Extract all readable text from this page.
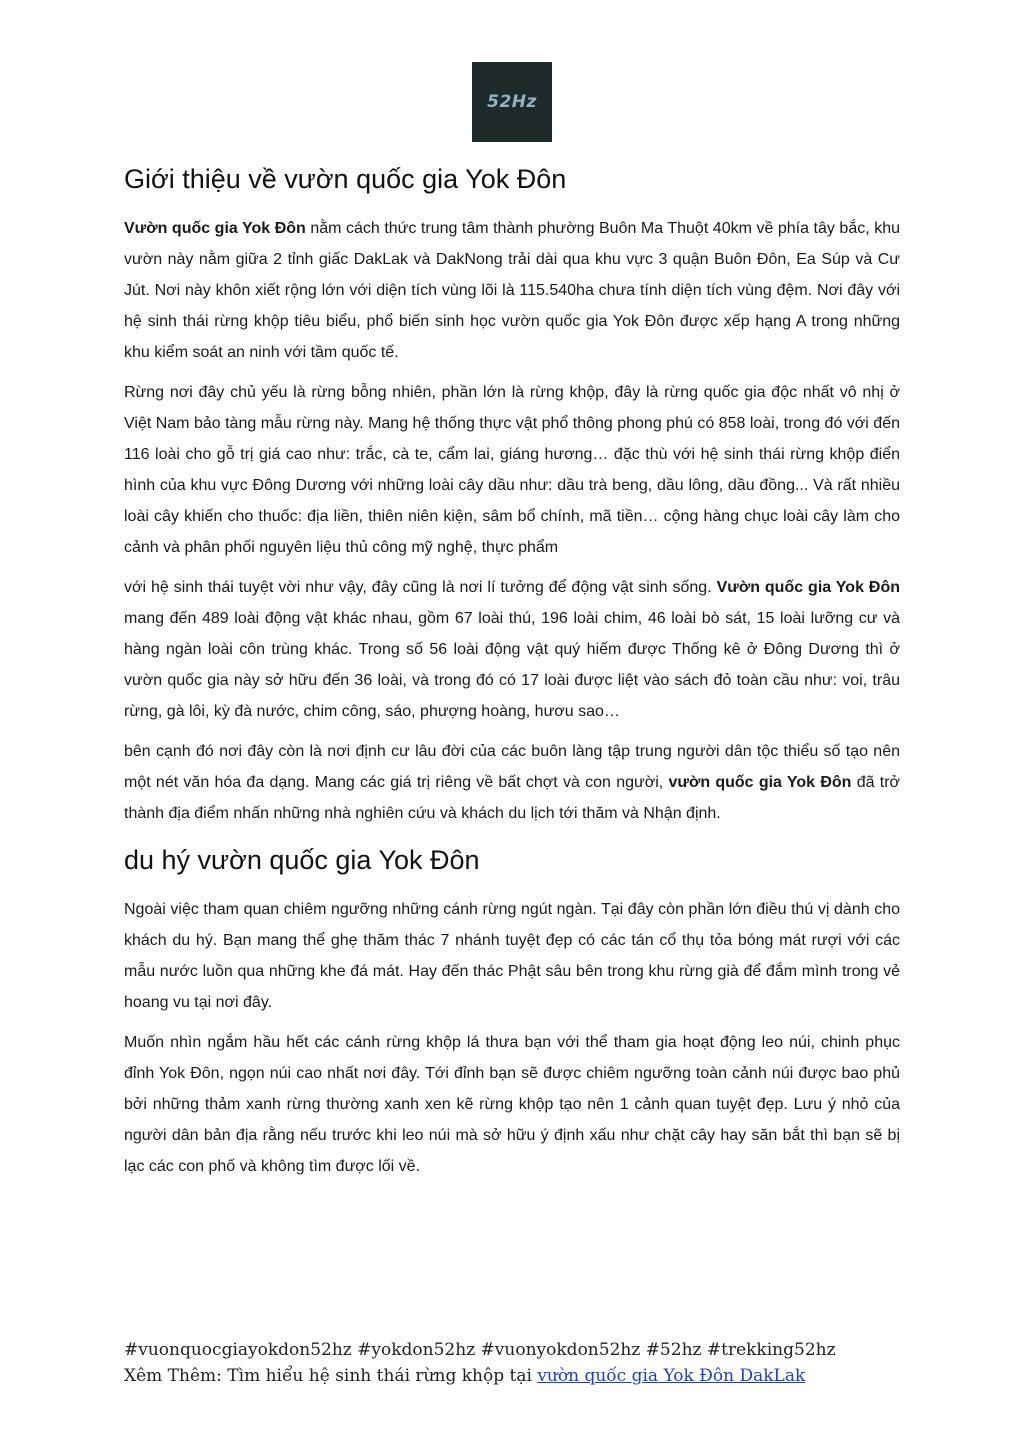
52Hz
Giới thiệu về vườn quốc gia Yok Đôn

Vườn quốc gia Yok Đôn nằm cách thức trung tâm thành phường Buôn Ma Thuột 40km về phía tây bắc, khu vườn này nằm giữa 2 tỉnh giấc DakLak và DakNong trải dài qua khu vực 3 quận Buôn Đôn, Ea Súp và Cư Jút. Nơi này khôn xiết rộng lớn với diện tích vùng lõi là 115.540ha chưa tính diện tích vùng đệm. Nơi đây với hệ sinh thái rừng khộp tiêu biểu, phổ biến sinh học vườn quốc gia Yok Đôn được xếp hạng A trong những khu kiểm soát an ninh với tầm quốc tế.

Rừng nơi đây chủ yếu là rừng bỗng nhiên, phần lớn là rừng khộp, đây là rừng quốc gia độc nhất vô nhị ở Việt Nam bảo tàng mẫu rừng này. Mang hệ thống thực vật phổ thông phong phú có 858 loài, trong đó với đến 116 loài cho gỗ trị giá cao như: trắc, cà te, cẩm lai, giáng hương… đặc thù với hệ sinh thái rừng khộp điển hình của khu vực Đông Dương với những loài cây dầu như: dầu trà beng, dầu lông, dầu đồng... Và rất nhiều loài cây khiến cho thuốc: địa liền, thiên niên kiện, sâm bổ chính, mã tiền… cộng hàng chục loài cây làm cho cảnh và phân phối nguyên liệu thủ công mỹ nghệ, thực phẩm

với hệ sinh thái tuyệt vời như vậy, đây cũng là nơi lí tưởng để động vật sinh sống. Vườn quốc gia Yok Đôn mang đến 489 loài động vật khác nhau, gồm 67 loài thú, 196 loài chim, 46 loài bò sát, 15 loài lưỡng cư và hàng ngàn loài côn trùng khác. Trong số 56 loài động vật quý hiếm được Thống kê ở Đông Dương thì ở vườn quốc gia này sở hữu đến 36 loài, và trong đó có 17 loài được liệt vào sách đỏ toàn cầu như: voi, trâu rừng, gà lôi, kỳ đà nước, chim công, sáo, phượng hoàng, hươu sao…

bên cạnh đó nơi đây còn là nơi định cư lâu đời của các buôn làng tập trung người dân tộc thiểu số tạo nên một nét văn hóa đa dạng. Mang các giá trị riêng về bất chợt và con người, vườn quốc gia Yok Đôn đã trở thành địa điểm nhấn những nhà nghiên cứu và khách du lịch tới thăm và Nhận định.

du hý vườn quốc gia Yok Đôn

Ngoài việc tham quan chiêm ngưỡng những cánh rừng ngút ngàn. Tại đây còn phần lớn điều thú vị dành cho khách du hý. Bạn mang thể ghẹ thăm thác 7 nhánh tuyệt đẹp có các tán cổ thụ tỏa bóng mát rượi với các mẫu nước luồn qua những khe đá mát. Hay đến thác Phật sâu bên trong khu rừng già để đắm mình trong vẻ hoang vu tại nơi đây.

Muốn nhìn ngắm hầu hết các cánh rừng khộp lá thưa bạn với thể tham gia hoạt động leo núi, chinh phục đỉnh Yok Đôn, ngọn núi cao nhất nơi đây. Tới đỉnh bạn sẽ được chiêm ngưỡng toàn cảnh núi được bao phủ bởi những thảm xanh rừng thường xanh xen kẽ rừng khộp tạo nên 1 cảnh quan tuyệt đẹp. Lưu ý nhỏ của người dân bản địa rằng nếu trước khi leo núi mà sở hữu ý định xấu như chặt cây hay săn bắt thì bạn sẽ bị lạc các con phố và không tìm được lối về.

#vuonquocgiayokdon52hz #yokdon52hz #vuonyokdon52hz #52hz #trekking52hz
Xêm Thêm: Tìm hiểu hệ sinh thái rừng khộp tại vườn quốc gia Yok Đôn DakLak
